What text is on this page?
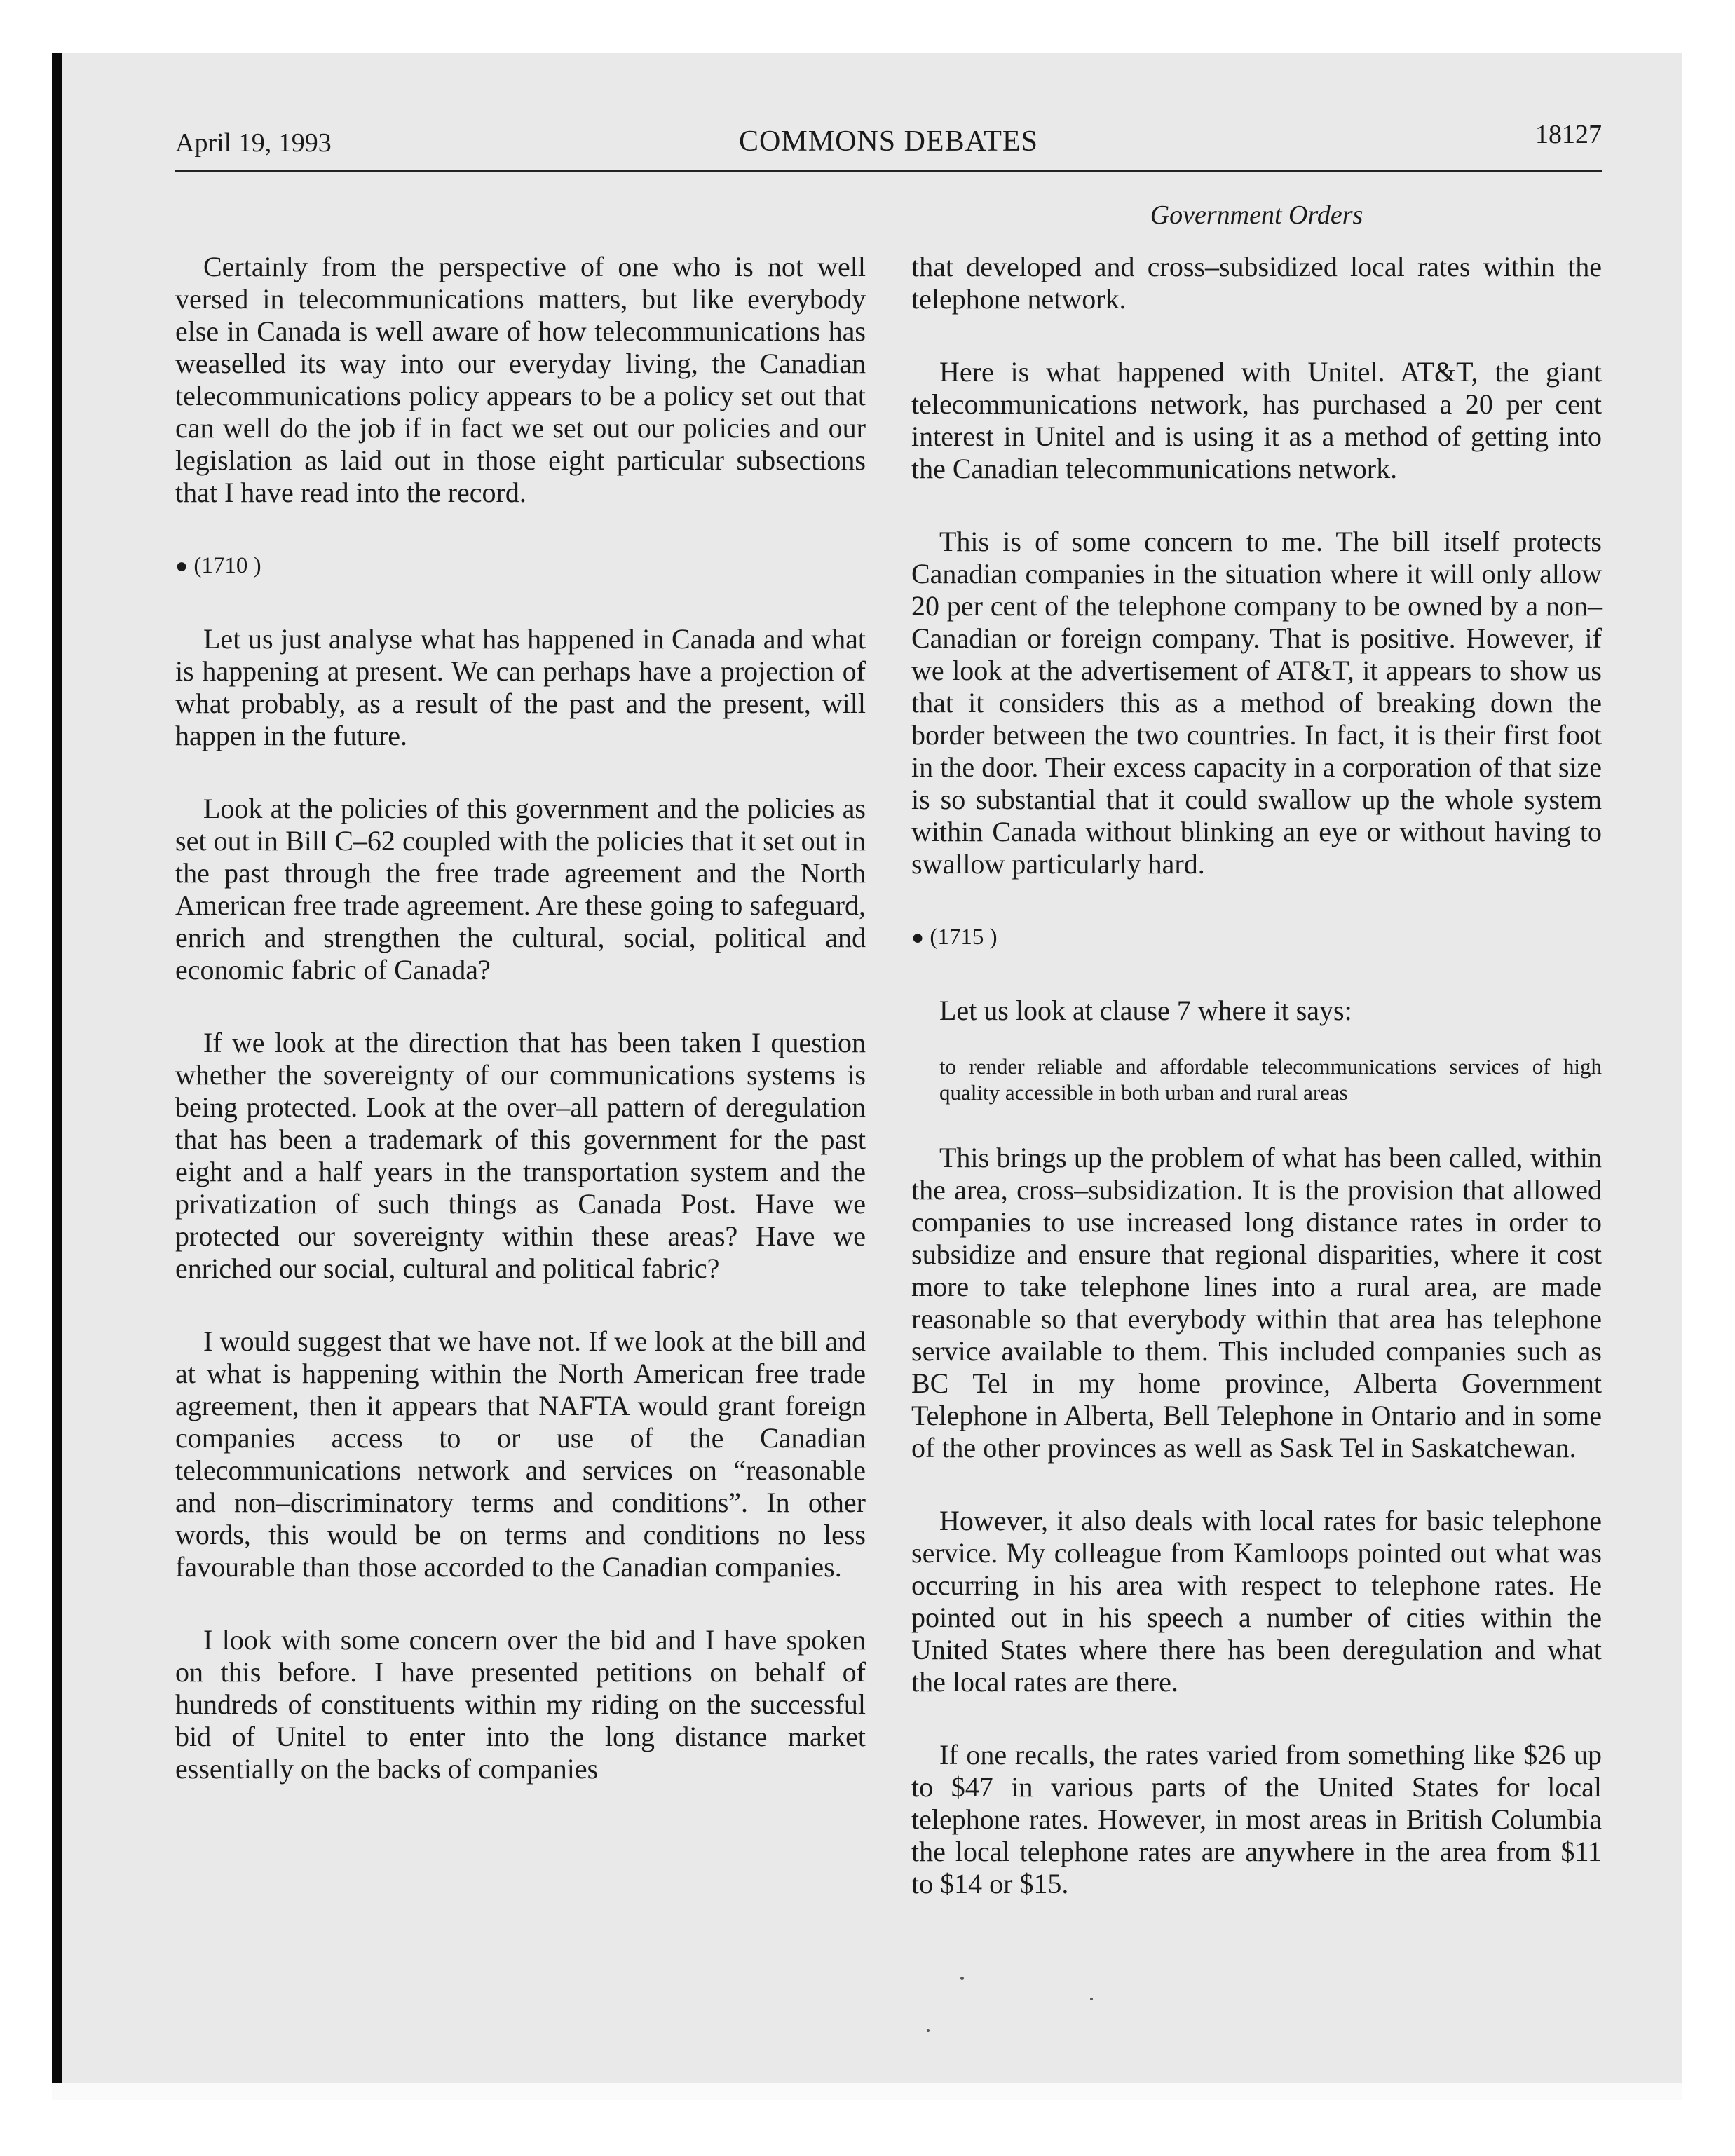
April 19, 1993	COMMONS DEBATES	18127
Government Orders

Certainly from the perspective of one who is not well versed in telecommunications matters, but like everybody else in Canada is well aware of how telecommunications has weaselled its way into our everyday living, the Canadian telecommunications policy appears to be a policy set out that can well do the job if in fact we set out our policies and our legislation as laid out in those eight particular subsections that I have read into the record.

● (1710 )

Let us just analyse what has happened in Canada and what is happening at present. We can perhaps have a projection of what probably, as a result of the past and the present, will happen in the future.

Look at the policies of this government and the policies as set out in Bill C–62 coupled with the policies that it set out in the past through the free trade agreement and the North American free trade agreement. Are these going to safeguard, enrich and strengthen the cultural, social, political and economic fabric of Canada?

If we look at the direction that has been taken I question whether the sovereignty of our communications systems is being protected. Look at the over–all pattern of deregulation that has been a trademark of this government for the past eight and a half years in the transportation system and the privatization of such things as Canada Post. Have we protected our sovereignty within these areas? Have we enriched our social, cultural and political fabric?

I would suggest that we have not. If we look at the bill and at what is happening within the North American free trade agreement, then it appears that NAFTA would grant foreign companies access to or use of the Canadian telecommunications network and services on “reasonable and non–discriminatory terms and conditions”. In other words, this would be on terms and conditions no less favourable than those accorded to the Canadian companies.

I look with some concern over the bid and I have spoken on this before. I have presented petitions on behalf of hundreds of constituents within my riding on the successful bid of Unitel to enter into the long distance market essentially on the backs of companies

that developed and cross–subsidized local rates within the telephone network.

Here is what happened with Unitel. AT&T, the giant telecommunications network, has purchased a 20 per cent interest in Unitel and is using it as a method of getting into the Canadian telecommunications network.

This is of some concern to me. The bill itself protects Canadian companies in the situation where it will only allow 20 per cent of the telephone company to be owned by a non–Canadian or foreign company. That is positive. However, if we look at the advertisement of AT&T, it appears to show us that it considers this as a method of breaking down the border between the two countries. In fact, it is their first foot in the door. Their excess capacity in a corporation of that size is so substantial that it could swallow up the whole system within Canada without blinking an eye or without having to swallow particularly hard.

● (1715 )

Let us look at clause 7 where it says:

to render reliable and affordable telecommunications services of high quality accessible in both urban and rural areas

This brings up the problem of what has been called, within the area, cross–subsidization. It is the provision that allowed companies to use increased long distance rates in order to subsidize and ensure that regional disparities, where it cost more to take telephone lines into a rural area, are made reasonable so that everybody within that area has telephone service available to them. This included companies such as BC Tel in my home province, Alberta Government Telephone in Alberta, Bell Telephone in Ontario and in some of the other provinces as well as Sask Tel in Saskatchewan.

However, it also deals with local rates for basic telephone service. My colleague from Kamloops pointed out what was occurring in his area with respect to telephone rates. He pointed out in his speech a number of cities within the United States where there has been deregulation and what the local rates are there.

If one recalls, the rates varied from something like $26 up to $47 in various parts of the United States for local telephone rates. However, in most areas in British Columbia the local telephone rates are anywhere in the area from $11 to $14 or $15.
